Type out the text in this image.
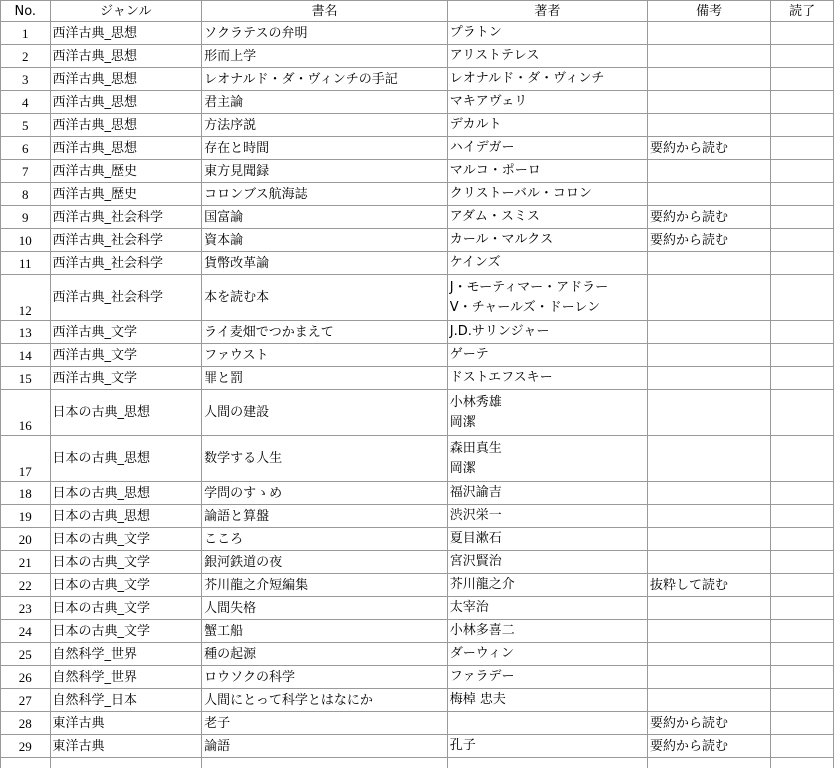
No.	ジャンル	書名	著者	備考	読了
1	西洋古典_思想	ソクラテスの弁明	プラトン		

2	西洋古典_思想	形而上学	アリストテレス		

3	西洋古典_思想	レオナルド・ダ・ヴィンチの手記	レオナルド・ダ・ヴィンチ		

4	西洋古典_思想	君主論	マキアヴェリ		

5	西洋古典_思想	方法序説	デカルト		

6	西洋古典_思想	存在と時間	ハイデガー	要約から読む	
7	西洋古典_歴史	東方見聞録	マルコ・ポーロ		

8	西洋古典_歴史	コロンブス航海誌	クリストーバル・コロン		

9	西洋古典_社会科学	国富論	アダム・スミス	要約から読む	
10	西洋古典_社会科学	資本論	カール・マルクス	要約から読む	
11	西洋古典_社会科学	貨幣改革論	ケインズ		

12	西洋古典_社会科学	本を読む本	J・モーティマー・アドラー
V・チャールズ・ドーレン		

13	西洋古典_文学	ライ麦畑でつかまえて	J.D.サリンジャー		

14	西洋古典_文学	ファウスト	ゲーテ		

15	西洋古典_文学	罪と罰	ドストエフスキー		

16	日本の古典_思想	人間の建設	小林秀雄
岡潔		

17	日本の古典_思想	数学する人生	森田真生
岡潔		

18	日本の古典_思想	学問のすゝめ	福沢諭吉		

19	日本の古典_思想	論語と算盤	渋沢栄一		

20	日本の古典_文学	こころ	夏目漱石		

21	日本の古典_文学	銀河鉄道の夜	宮沢賢治		

22	日本の古典_文学	芥川龍之介短編集	芥川龍之介	抜粋して読む	
23	日本の古典_文学	人間失格	太宰治		

24	日本の古典_文学	蟹工船	小林多喜二		

25	自然科学_世界	種の起源	ダーウィン		

26	自然科学_世界	ロウソクの科学	ファラデー		

27	自然科学_日本	人間にとって科学とはなにか	梅棹 忠夫		

28	東洋古典	老子		要約から読む	
29	東洋古典	論語	孔子	要約から読む	
